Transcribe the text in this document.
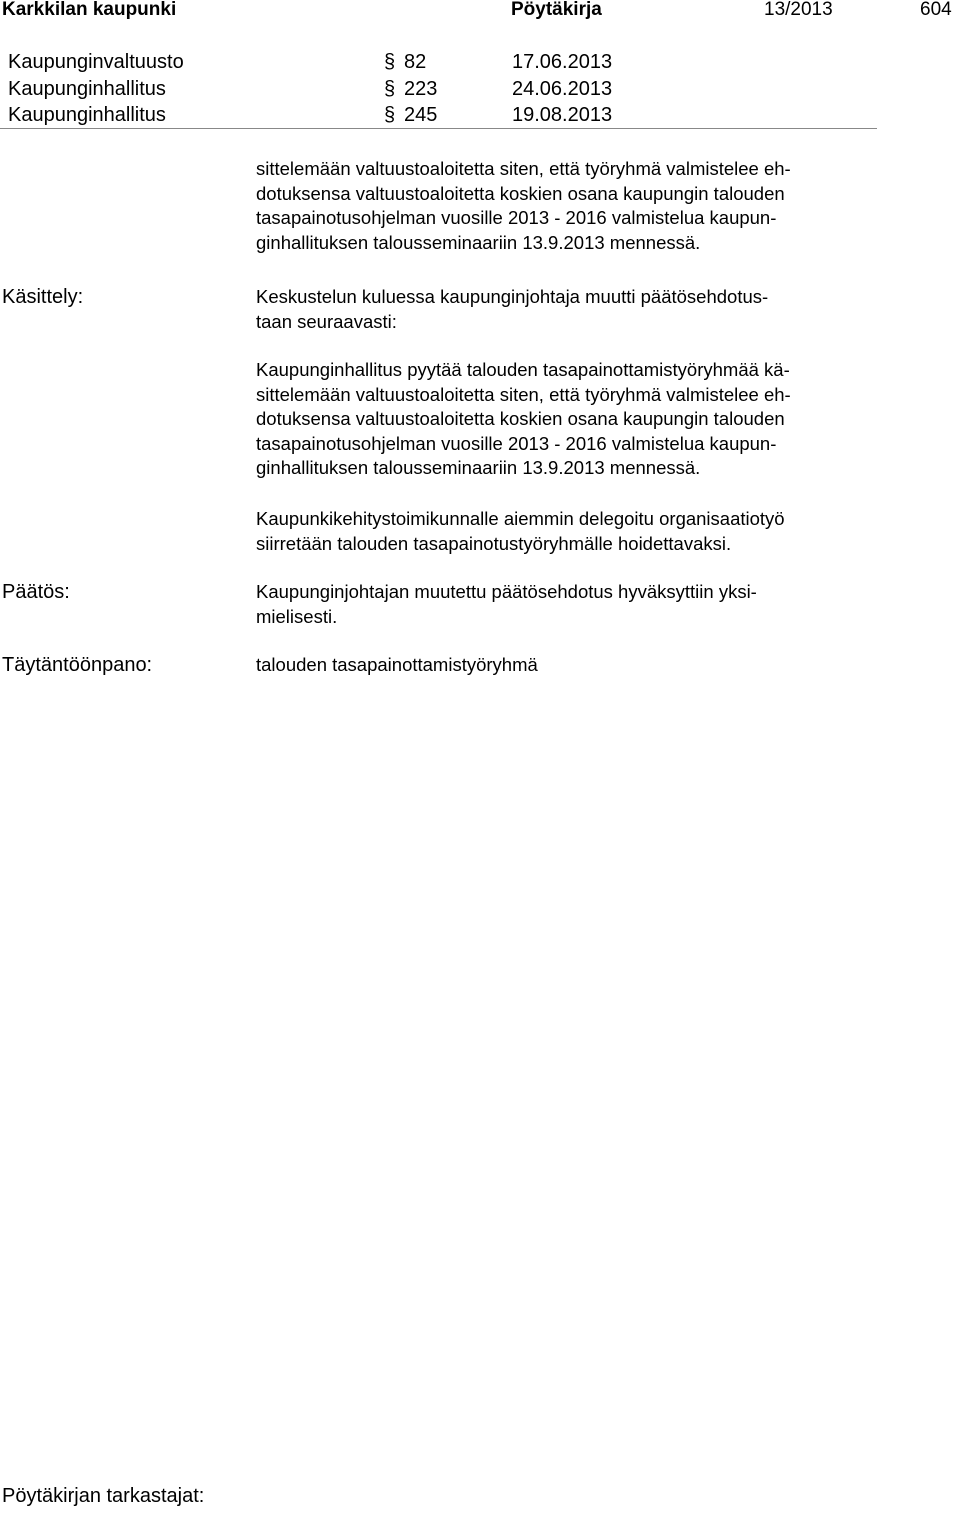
Karkkilan kaupunki	Pöytäkirja	13/2013	604
Kaupunginvaltuusto	§ 82	17.06.2013
Kaupunginhallitus	§ 223	24.06.2013
Kaupunginhallitus	§ 245	19.08.2013
sittelemään valtuustoaloitetta siten, että työryhmä valmistelee eh-
dotuksensa valtuustoaloitetta koskien osana kaupungin talouden
tasapainotusohjelman vuosille 2013 - 2016 valmistelua kaupun-
ginhallituksen talousseminaariin 13.9.2013 mennessä.
Käsittely:	Keskustelun kuluessa kaupunginjohtaja muutti päätösehdotus-
taan seuraavasti:
Kaupunginhallitus pyytää talouden tasapainottamistyöryhmää kä-
sittelemään valtuustoaloitetta siten, että työryhmä valmistelee eh-
dotuksensa valtuustoaloitetta koskien osana kaupungin talouden
tasapainotusohjelman vuosille 2013 - 2016 valmistelua kaupun-
ginhallituksen talousseminaariin 13.9.2013 mennessä.
Kaupunkikehitystoimikunnalle aiemmin delegoitu organisaatiotyö
siirretään talouden tasapainotustyöryhmälle hoidettavaksi.
Päätös:	Kaupunginjohtajan muutettu päätösehdotus hyväksyttiin yksi-
mielisesti.
Täytäntöönpano:	talouden tasapainottamistyöryhmä
Pöytäkirjan tarkastajat:
